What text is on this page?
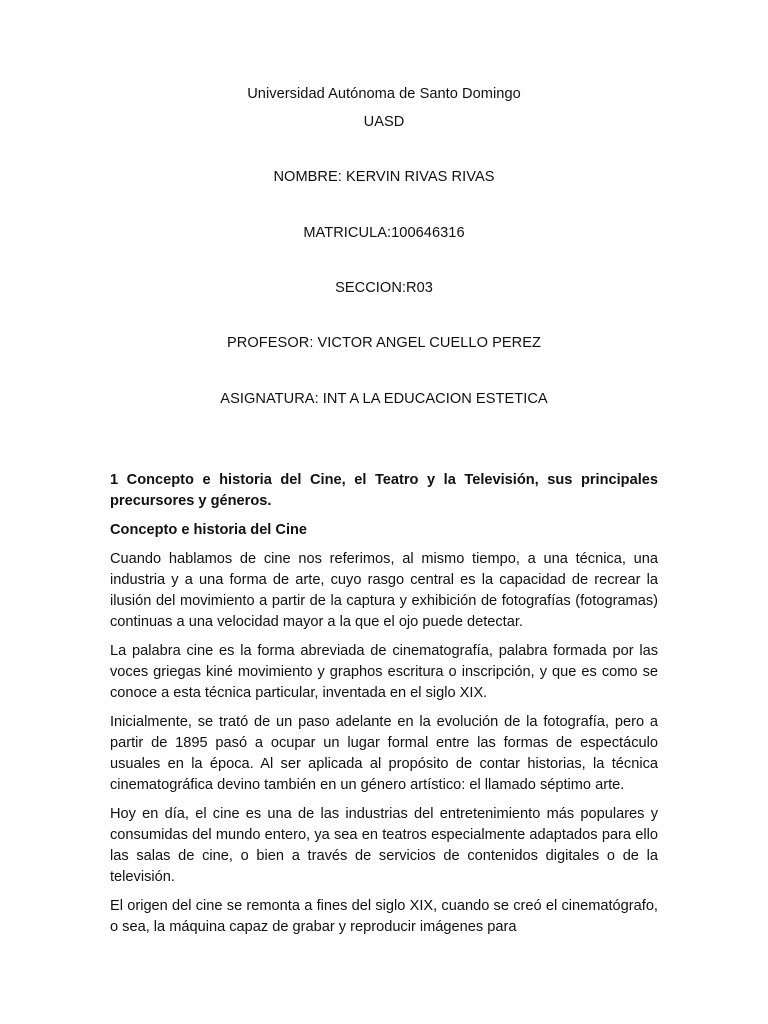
Universidad Autónoma de Santo Domingo
UASD
NOMBRE: KERVIN RIVAS RIVAS
MATRICULA:100646316
SECCION:R03
PROFESOR: VICTOR ANGEL CUELLO PEREZ
ASIGNATURA: INT A LA EDUCACION ESTETICA
1 Concepto e historia del Cine, el Teatro y la Televisión, sus principales precursores y géneros.
Concepto e historia del Cine
Cuando hablamos de cine nos referimos, al mismo tiempo, a una técnica, una industria y a una forma de arte, cuyo rasgo central es la capacidad de recrear la ilusión del movimiento a partir de la captura y exhibición de fotografías (fotogramas) continuas a una velocidad mayor a la que el ojo puede detectar.
La palabra cine es la forma abreviada de cinematografía, palabra formada por las voces griegas kiné movimiento y graphos escritura o inscripción, y que es como se conoce a esta técnica particular, inventada en el siglo XIX.
Inicialmente, se trató de un paso adelante en la evolución de la fotografía, pero a partir de 1895 pasó a ocupar un lugar formal entre las formas de espectáculo usuales en la época. Al ser aplicada al propósito de contar historias, la técnica cinematográfica devino también en un género artístico: el llamado séptimo arte.
Hoy en día, el cine es una de las industrias del entretenimiento más populares y consumidas del mundo entero, ya sea en teatros especialmente adaptados para ello las salas de cine, o bien a través de servicios de contenidos digitales o de la televisión.
El origen del cine se remonta a fines del siglo XIX, cuando se creó el cinematógrafo, o sea, la máquina capaz de grabar y reproducir imágenes para
